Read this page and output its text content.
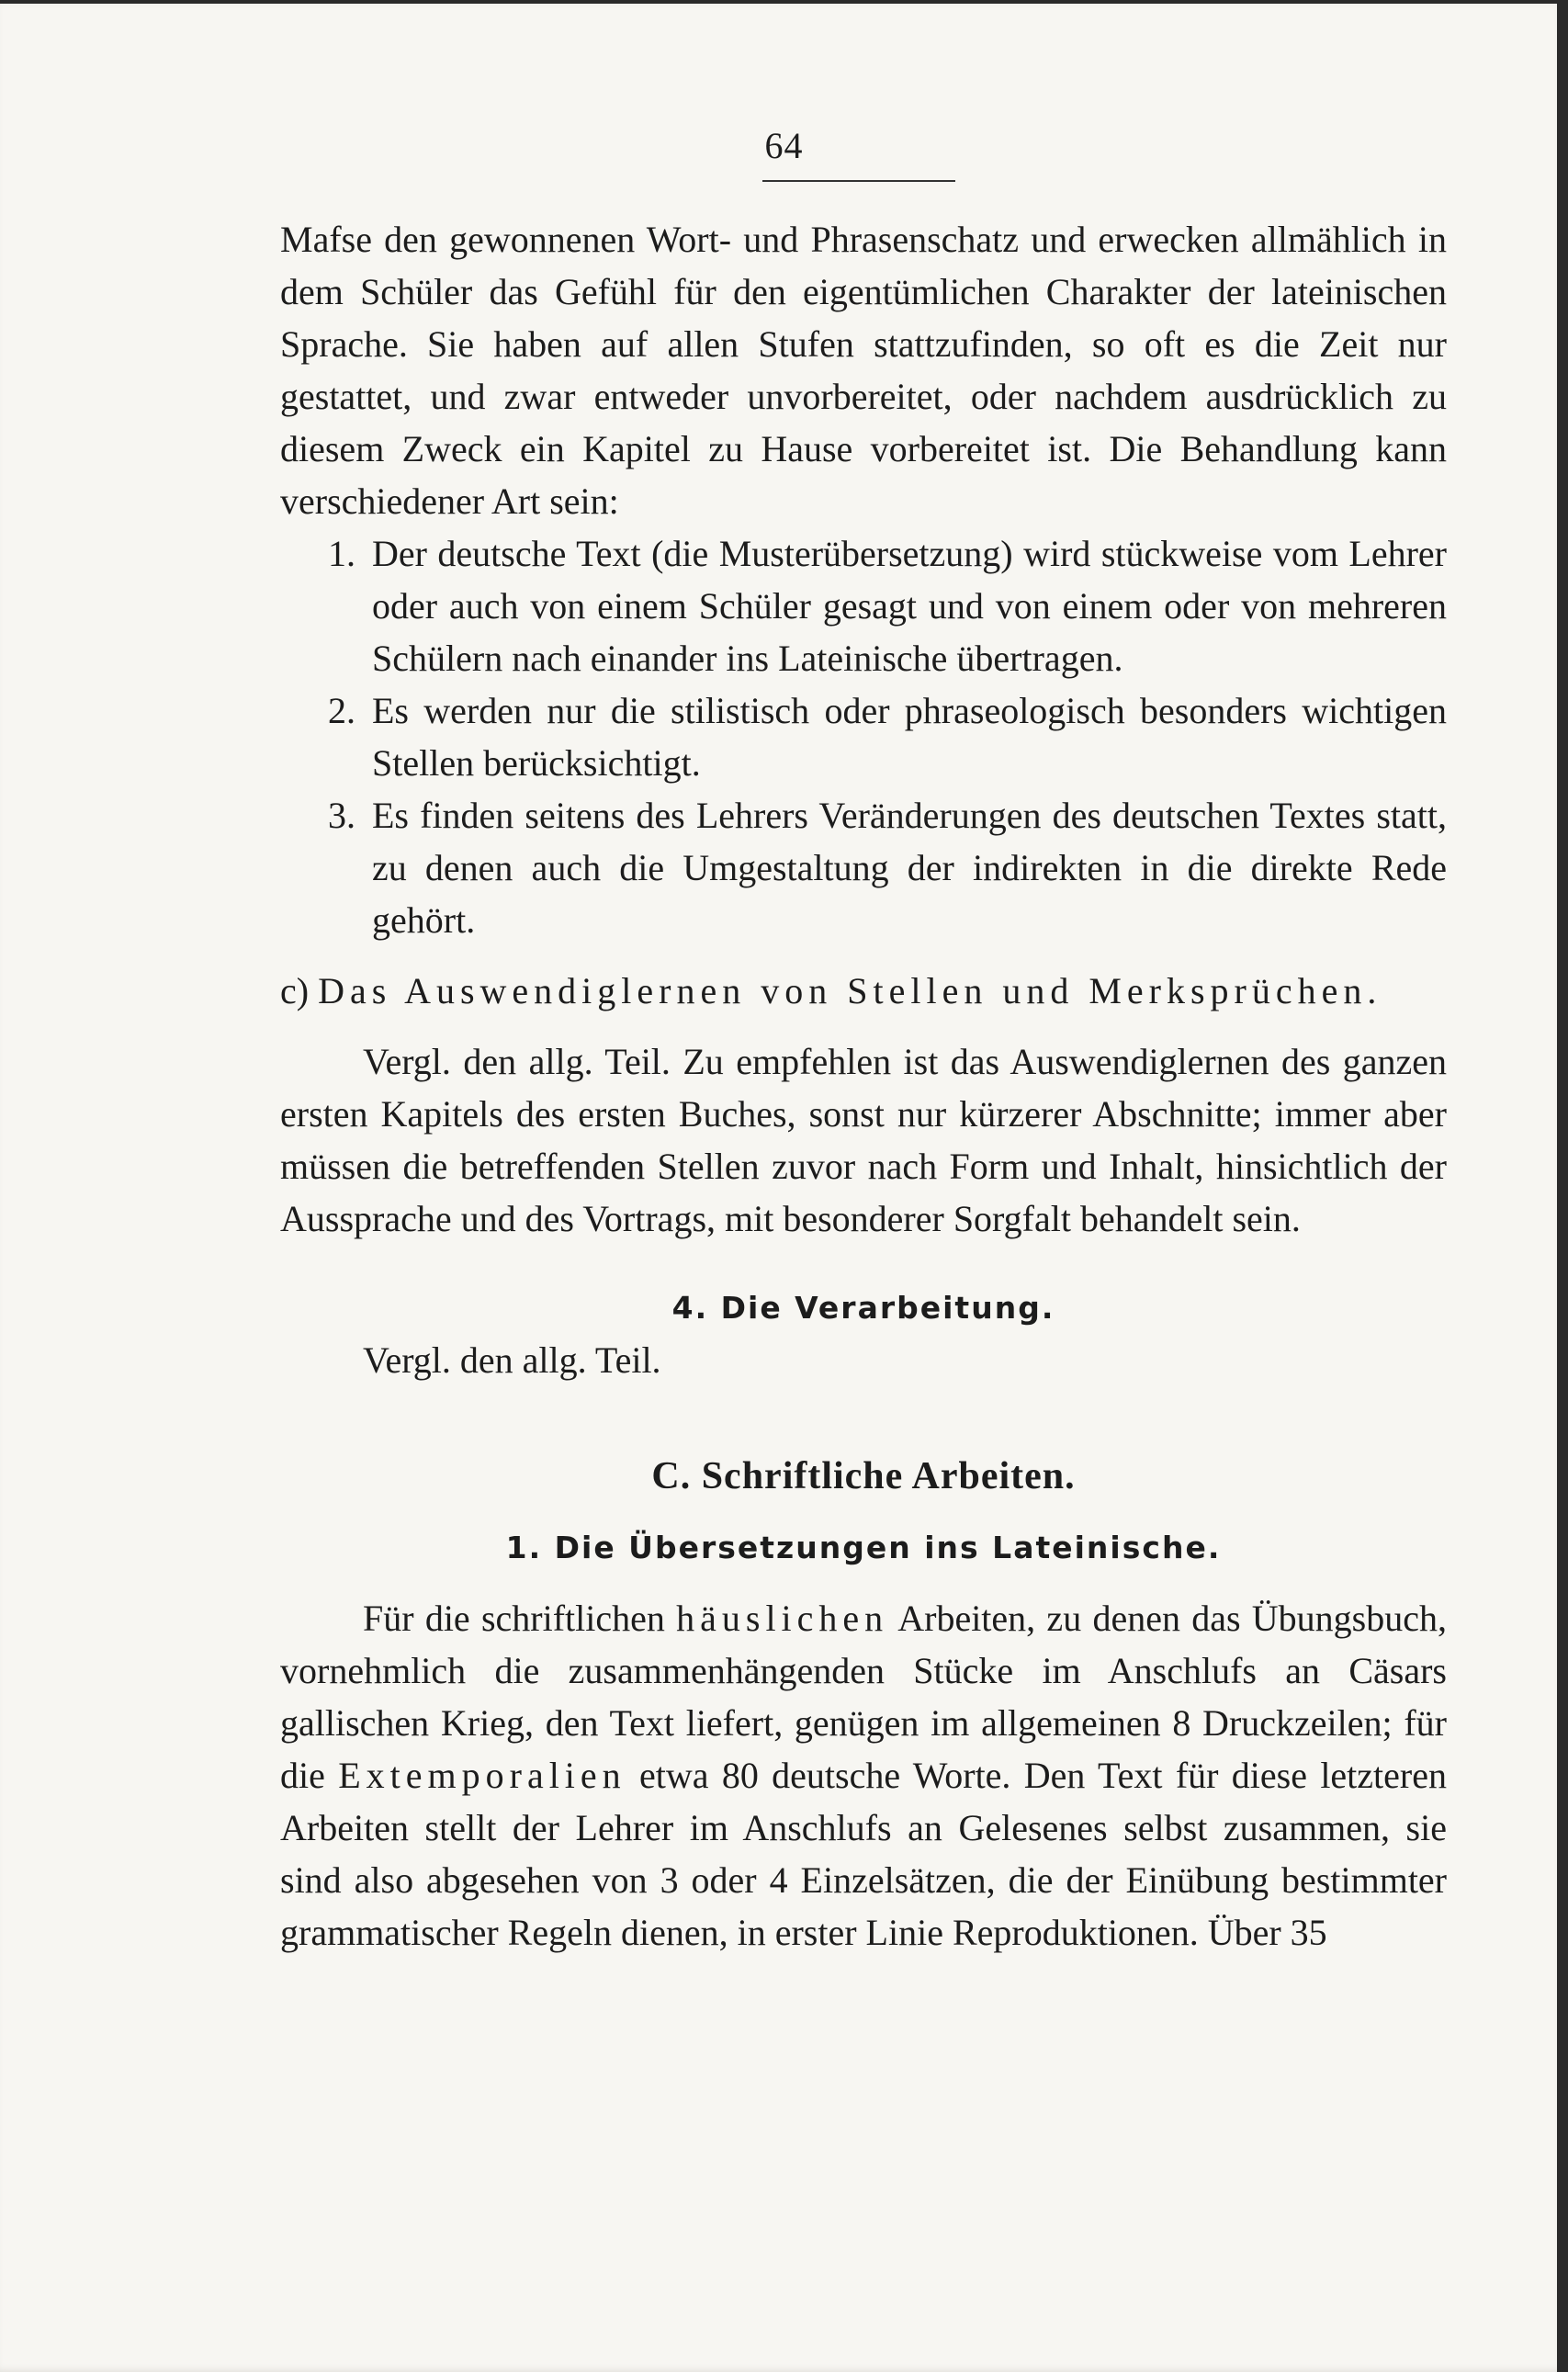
64

Mafse den gewonnenen Wort- und Phrasenschatz und erwecken allmählich in dem Schüler das Gefühl für den eigentümlichen Charakter der lateinischen Sprache. Sie haben auf allen Stufen stattzufinden, so oft es die Zeit nur gestattet, und zwar entweder unvorbereitet, oder nachdem ausdrücklich zu diesem Zweck ein Kapitel zu Hause vorbereitet ist. Die Behandlung kann verschiedener Art sein:

1. Der deutsche Text (die Musterübersetzung) wird stückweise vom Lehrer oder auch von einem Schüler gesagt und von einem oder von mehreren Schülern nach einander ins Lateinische übertragen.
2. Es werden nur die stilistisch oder phraseologisch besonders wichtigen Stellen berücksichtigt.
3. Es finden seitens des Lehrers Veränderungen des deutschen Textes statt, zu denen auch die Umgestaltung der indirekten in die direkte Rede gehört.

c) Das Auswendiglernen von Stellen und Merksprüchen.

Vergl. den allg. Teil. Zu empfehlen ist das Auswendiglernen des ganzen ersten Kapitels des ersten Buches, sonst nur kürzerer Abschnitte; immer aber müssen die betreffenden Stellen zuvor nach Form und Inhalt, hinsichtlich der Aussprache und des Vortrags, mit besonderer Sorgfalt behandelt sein.

4. Die Verarbeitung.

Vergl. den allg. Teil.

C. Schriftliche Arbeiten.

1. Die Übersetzungen ins Lateinische.

Für die schriftlichen häuslichen Arbeiten, zu denen das Übungsbuch, vornehmlich die zusammenhängenden Stücke im Anschlufs an Cäsars gallischen Krieg, den Text liefert, genügen im allgemeinen 8 Druckzeilen; für die Extemporalien etwa 80 deutsche Worte. Den Text für diese letzteren Arbeiten stellt der Lehrer im Anschlufs an Gelesenes selbst zusammen, sie sind also abgesehen von 3 oder 4 Einzelsätzen, die der Einübung bestimmter grammatischer Regeln dienen, in erster Linie Reproduktionen. Über 35
